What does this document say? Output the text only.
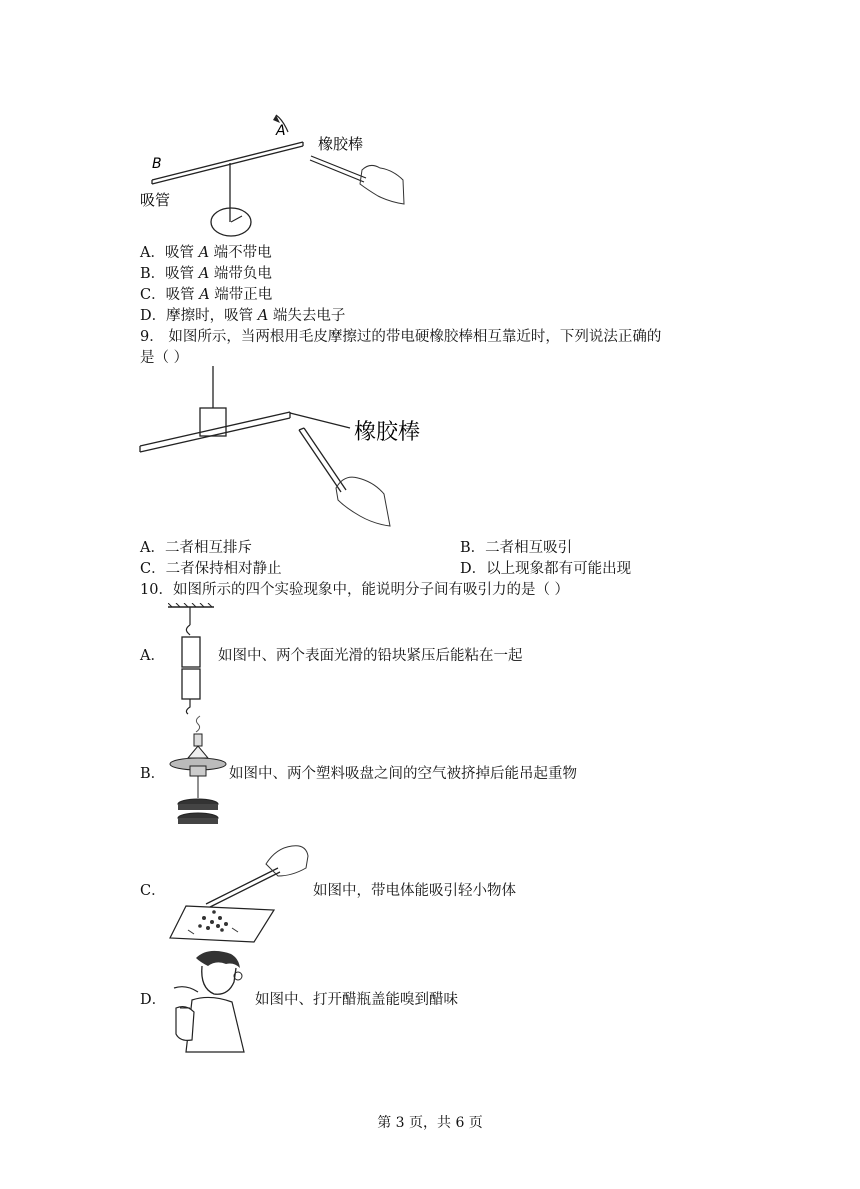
A
B
吸管
橡胶棒
A．吸管 A 端不带电
B．吸管 A 端带负电
C．吸管 A 端带正电
D．摩擦时，吸管 A 端失去电子
9． 如图所示，当两根用毛皮摩擦过的带电硬橡胶棒相互靠近时，下列说法正确的
是（ ）
橡胶棒
A．二者相互排斥	B．二者相互吸引
C．二者保持相对静止	D．以上现象都有可能出现
10．如图所示的四个实验现象中，能说明分子间有吸引力的是（ ）
A．	如图中、两个表面光滑的铅块紧压后能粘在一起
B．	如图中、两个塑料吸盘之间的空气被挤掉后能吊起重物
C．	如图中，带电体能吸引轻小物体
D．	如图中、打开醋瓶盖能嗅到醋味
第 3 页，共 6 页
